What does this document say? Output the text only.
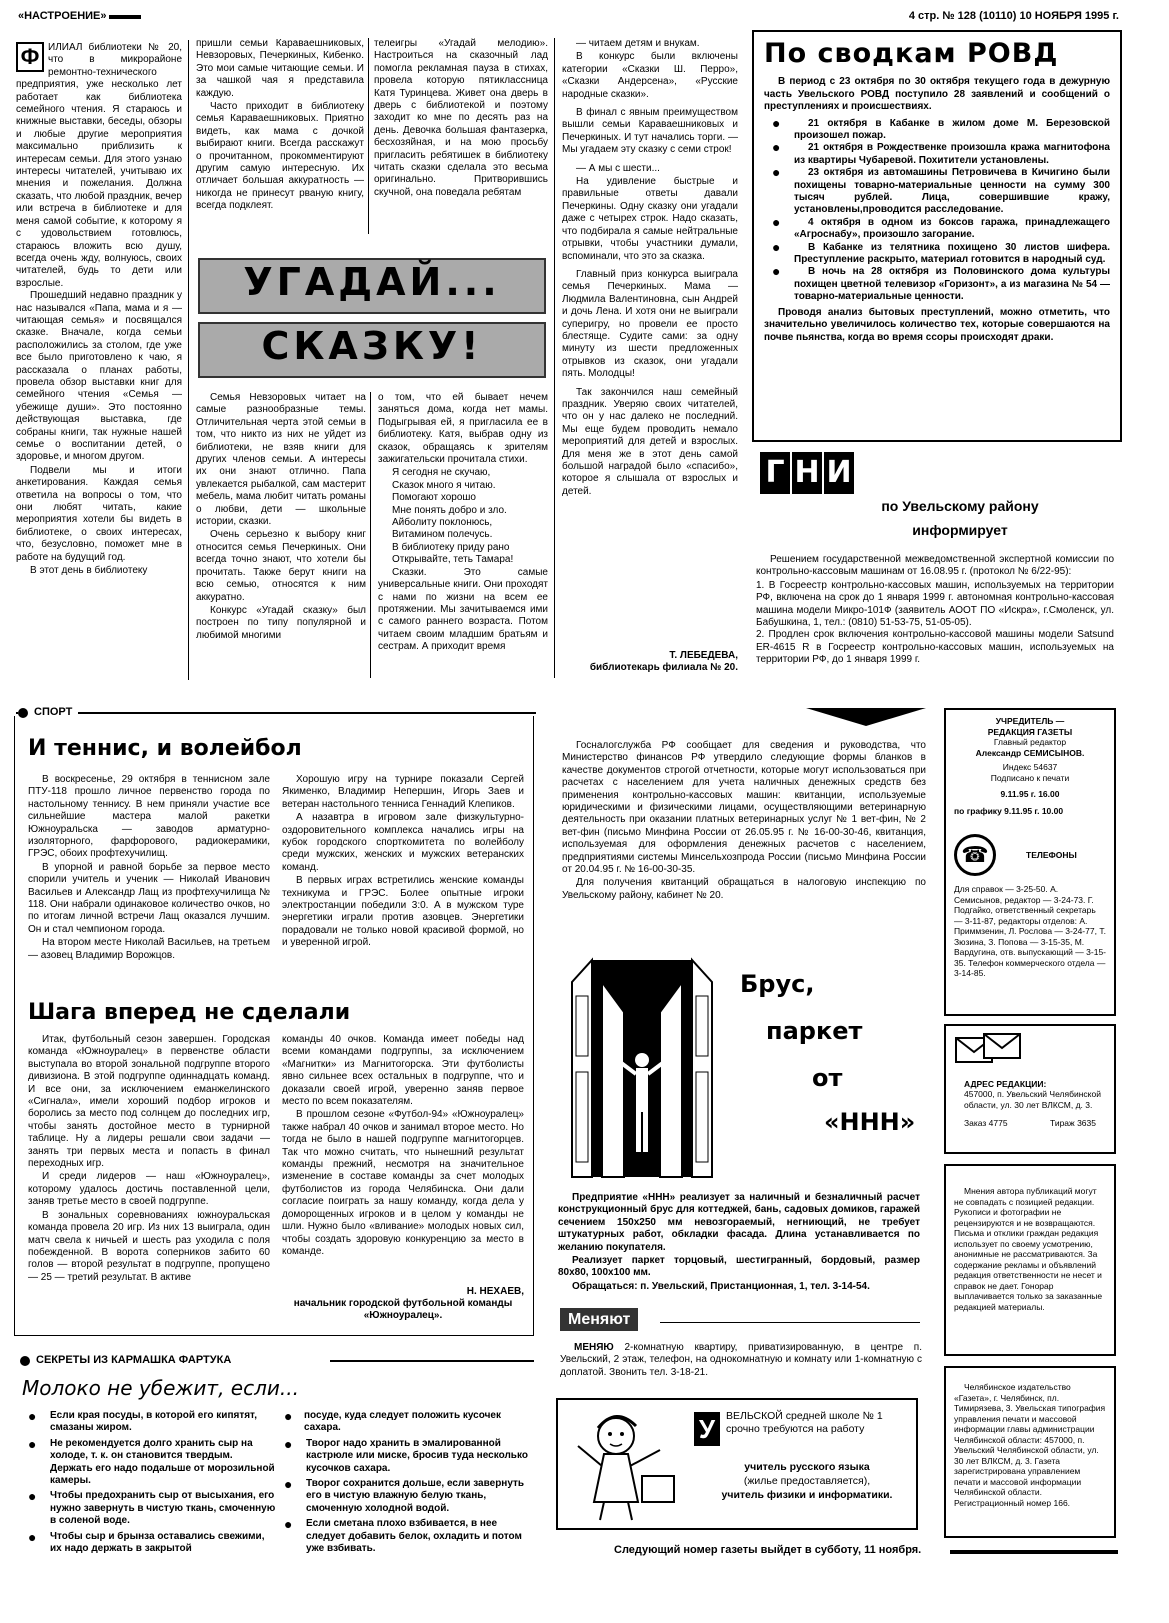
«НАСТРОЕНИЕ»	4 стр. № 128 (10110) 10 НОЯБРЯ 1995 г.
Ф ИЛИАЛ библиотеки № 20, что в микрорайоне ремонтно-технического предприятия, уже несколько лет работает как библиотека семейного чтения. Я стараюсь и книжные выставки, беседы, обзоры и любые другие мероприятия максимально приблизить к интересам семьи. Для этого узнаю интересы читателей, учитываю их мнения и пожелания. Должна сказать, что любой праздник, вечер или встреча в библиотеке и для меня самой событие, к которому я с удовольствием готовлюсь, стараюсь вложить всю душу, всегда очень жду, волнуюсь, своих читателей, будь то дети или взрослые.

Прошедший недавно праздник у нас назывался «Папа, мама и я — читающая семья» и посвящался сказке. Вначале, когда семьи расположились за столом, где уже все было приготовлено к чаю, я рассказала о планах работы, провела обзор выставки книг для семейного чтения «Семья — убежище души». Это постоянно действующая выставка, где собраны книги, так нужные нашей семье о воспитании детей, о здоровье, и многом другом.

Подвели мы и итоги анкетирования. Каждая семья ответила на вопросы о том, что они любят читать, какие мероприятия хотели бы видеть в библиотеке, о своих интересах, что, безусловно, поможет мне в работе на будущий год.

В этот день в библиотеку

пришли семьи Караваешниковых, Невзоровых, Печеркиных, Кибенко. Это мои самые читающие семьи. И за чашкой чая я представила каждую.

Часто приходит в библиотеку семья Караваешниковых. Приятно видеть, как мама с дочкой выбирают книги. Всегда расскажут о прочитанном, прокомментируют другим самую интересную. Их отличает большая аккуратность — никогда не принесут рваную книгу, всегда подклеят.

телеигры «Угадай мелодию». Настроиться на сказочный лад помогла рекламная пауза в стихах, провела которую пятиклассница Катя Туринцева. Живет она дверь в дверь с библиотекой и поэтому заходит ко мне по десять раз на день. Девочка большая фантазерка, бесхозяйная, и на мою просьбу пригласить ребятишек в библиотеку читать сказки сделала это весьма оригинально. Притворившись скучной, она поведала ребятам

УГАДАЙ...
СКАЗКУ!

Семья Невзоровых читает на самые разнообразные темы. Отличительная черта этой семьи в том, что никто из них не уйдет из библиотеки, не взяв книги для других членов семьи. А интересы их они знают отлично. Папа увлекается рыбалкой, сам мастерит мебель, мама любит читать романы о любви, дети — школьные истории, сказки.

Очень серьезно к выбору книг относится семья Печеркиных. Они всегда точно знают, что хотели бы прочитать. Также берут книги на всю семью, относятся к ним аккуратно.

Конкурс «Угадай сказку» был построен по типу популярной и любимой многими

о том, что ей бывает нечем заняться дома, когда нет мамы. Подыгрывая ей, я пригласила ее в библиотеку. Катя, выбрав одну из сказок, обращаясь к зрителям зажигательски прочитала стихи.

Я сегодня не скучаю,
Сказок много я читаю.
Помогают хорошо
Мне понять добро и зло.
Айболиту поклонюсь,
Витамином полечусь.
В библиотеку приду рано
Открывайте, теть Тамара!

Сказки. Это самые универсальные книги. Они проходят с нами по жизни на всем ее протяжении. Мы зачитываемся ими с самого раннего возраста. Потом читаем своим младшим братьям и сестрам. А приходит время

— читаем детям и внукам.

В конкурс были включены категории «Сказки Ш. Перро», «Сказки Андерсена», «Русские народные сказки».

В финал с явным преимуществом вышли семьи Караваешниковых и Печеркиных. И тут начались торги. — Мы угадаем эту сказку с семи строк!

— А мы с шести...

На удивление быстрые и правильные ответы давали Печеркины. Одну сказку они угадали даже с четырех строк. Надо сказать, что подбирала я самые нейтральные отрывки, чтобы участники думали, вспоминали, что это за сказка.

Главный приз конкурса выиграла семья Печеркиных. Мама — Людмила Валентиновна, сын Андрей и дочь Лена. И хотя они не выиграли суперигру, но провели ее просто блестяще. Судите сами: за одну минуту из шести предложенных отрывков из сказок, они угадали пять. Молодцы!

Так закончился наш семейный праздник. Уверяю своих читателей, что он у нас далеко не последний. Мы еще будем проводить немало мероприятий для детей и взрослых. Для меня же в этот день самой большой наградой было «спасибо», которое я слышала от взрослых и детей.

Т. ЛЕБЕДЕВА,
библиотекарь филиала № 20.
По сводкам РОВД
В период с 23 октября по 30 октября текущего года в дежурную часть Увельского РОВД поступило 28 заявлений и сообщений о преступлениях и происшествиях.
● 21 октября в Кабанке в жилом доме М. Березовской произошел пожар.
● 21 октября в Рождественке произошла кража магнитофона из квартиры Чубаревой. Похитители установлены.
● 23 октября из автомашины Петровичева в Кичигино были похищены товарно-материальные ценности на сумму 300 тысяч рублей. Лица, совершившие кражу, установлены,проводится расследование.
● 4 октября в одном из боксов гаража, принадлежащего «Агроснабу», произошло загорание.
● В Кабанке из телятника похищено 30 листов шифера. Преступление раскрыто, материал готовится в народный суд.
● В ночь на 28 октября из Половинского дома культуры похищен цветной телевизор «Горизонт», а из магазина № 54 — товарно-материальные ценности.
Проводя анализ бытовых преступлений, можно отметить, что значительно увеличилось количество тех, которые совершаются на почве пьянства, когда во время ссоры происходят драки.
Г Н И
по Увельскому району
информирует

Решением государственной межведомственной экспертной комиссии по контрольно-кассовым машинам от 16.08.95 г. (протокол № 6/22-95):

1. В Госреестр контрольно-кассовых машин, используемых на территории РФ, включена на срок до 1 января 1999 г. автономная контрольно-кассовая машина модели Микро-101Ф (заявитель АООТ ПО «Искра», г.Смоленск, ул. Бабушкина, 1, тел.: (0810) 51-53-75, 51-05-05).
2. Продлен срок включения контрольно-кассовой машины модели Satsund ER-4615 R в Госреестр контрольно-кассовых машин, используемых на территории РФ, до 1 января 1999 г.
СПОРТ
И теннис, и волейбол

В воскресенье, 29 октября в теннисном зале ПТУ-118 прошло личное первенство города по настольному теннису. В нем приняли участие все сильнейшие мастера малой ракетки Южноуральска — заводов арматурно-изоляторного, фарфорового, радиокерамики, ГРЭС, обоих профтехучилищ.

В упорной и равной борьбе за первое место спорили учитель и ученик — Николай Иванович Васильев и Александр Лащ из профтехучилища № 118. Они набрали одинаковое количество очков, но по итогам личной встречи Лащ оказался лучшим. Он и стал чемпионом города.

На втором месте Николай Васильев, на третьем — азовец Владимир Ворожцов.

Хорошую игру на турнире показали Сергей Якименко, Владимир Непершин, Игорь Заев и ветеран настольного тенниса Геннадий Клепиков.

А назавтра в игровом зале физкультурно-оздоровительного комплекса начались игры на кубок городского спорткомитета по волейболу среди мужских, женских и мужских ветеранских команд.

В первых играх встретились женские команды техникума и ГРЭС. Более опытные игроки электростанции победили 3:0. А в мужском туре энергетики играли против азовцев. Энергетики порадовали не только новой красивой формой, но и уверенной игрой.

Шага вперед не сделали

Итак, футбольный сезон завершен. Городская команда «Южноуралец» в первенстве области выступала во второй зональной подгруппе второго дивизиона. В этой подгруппе одиннадцать команд. И все они, за исключением еманжелинского «Сигнала», имели хороший подбор игроков и боролись за место под солнцем до последних игр, чтобы занять достойное место в турнирной таблице. Ну а лидеры решали свои задачи — занять три первых места и попасть в финал переходных игр.

И среди лидеров — наш «Южноуралец», которому удалось достичь поставленной цели, заняв третье место в своей подгруппе.

В зональных соревнованиях южноуральская команда провела 20 игр. Из них 13 выиграла, один матч свела к ничьей и шесть раз уходила с поля побежденной. В ворота соперников забито 60 голов — второй результат в подгруппе, пропущено — 25 — третий результат. В активе

команды 40 очков. Команда имеет победы над всеми командами подгруппы, за исключением «Магнитки» из Магнитогорска. Эти футболисты явно сильнее всех остальных в подгруппе, что и доказали своей игрой, уверенно заняв первое место по всем показателям.

В прошлом сезоне «Футбол-94» «Южноуралец» также набрал 40 очков и занимал второе место. Но тогда не было в нашей подгруппе магнитогорцев. Так что можно считать, что нынешний результат команды прежний, несмотря на значительное изменение в составе команды за счет молодых футболистов из города Челябинска. Они дали согласие поиграть за нашу команду, когда дела у доморощенных игроков и в целом у команды не шли. Нужно было «вливание» молодых новых сил, чтобы создать здоровую конкуренцию за место в команде.

Н. НЕХАЕВ,
начальник городской футбольной команды «Южноуралец».

Госналогслужба РФ сообщает для сведения и руководства, что Министерство финансов РФ утвердило следующие формы бланков в качестве документов строгой отчетности, которые могут использоваться при расчетах с населением для учета наличных денежных средств без применения контрольно-кассовых машин: квитанции, используемые юридическими и физическими лицами, осуществляющими ветеринарную деятельность при оказании платных ветеринарных услуг № 1 вет-фин, № 2 вет-фин (письмо Минфина России от 26.05.95 г. № 16-00-30-46, квитанция, используемая для оформления денежных расчетов с населением, предприятиями системы Минсельхозпрода России (письмо Минфина России от 20.04.95 г. № 16-00-30-35.

Для получения квитанций обращаться в налоговую инспекцию по Увельскому району, кабинет № 20.

Брус,
паркет
от
«ННН»

Предприятие «ННН» реализует за наличный и безналичный расчет конструкционный брус для коттеджей, бань, садовых домиков, гаражей сечением 150x250 мм невозгораемый, негниющий, не требует штукатурных работ, обкладки фасада. Длина устанавливается по желанию покупателя.

Реализует паркет торцовый, шестигранный, бордовый, размер 80x80, 100x100 мм.

Обращаться: п. Увельский, Пристанционная, 1, тел. 3-14-54.

Меняют
МЕНЯЮ 2-комнатную квартиру, приватизированную, в центре п. Увельский, 2 этаж, телефон, на однокомнатную и комнату или 1-комнатную с доплатой. Звонить тел. 3-18-21.
У	ВЕЛЬСКОЙ средней школе № 1 срочно требуются на работу
учитель русского языка
(жилье предоставляется),
учитель физики и информатики.
СЕКРЕТЫ ИЗ КАРМАШКА ФАРТУКА
Молоко не убежит, если...
● Если края посуды, в которой его кипятят, смазаны жиром.
● Не рекомендуется долго хранить сыр на холоде, т. к. он становится твердым. Держать его надо подальше от морозильной камеры.
● Чтобы предохранить сыр от высыхания, его нужно завернуть в чистую ткань, смоченную в соленой воде.
● Чтобы сыр и брынза оставались свежими, их надо держать в закрытой
● посуде, куда следует положить кусочек сахара.
● Творог надо хранить в эмалированной кастрюле или миске, бросив туда несколько кусочков сахара.
● Творог сохранится дольше, если завернуть его в чистую влажную белую ткань, смоченную холодной водой.
● Если сметана плохо взбивается, в нее следует добавить белок, охладить и потом уже взбивать.
УЧРЕДИТЕЛЬ —
РЕДАКЦИЯ ГАЗЕТЫ
Главный редактор
Александр СЕМИСЫНОВ.
Индекс 54637
Подписано к печати
9.11.95 г. 16.00
по графику 9.11.95 г. 10.00
☎	ТЕЛЕФОНЫ
Для справок — 3-25-50. А. Семисынов, редактор — 3-24-73. Г. Подгайко, ответственный секретарь — 3-11-87, редакторы отделов: А. Приммзенин, Л. Рослова — 3-24-77, Т. Зюзина, З. Попова — 3-15-35, М. Вардугина, отв. выпускающий — 3-15-35. Телефон коммерческого отдела — 3-14-85.
АДРЕС РЕДАКЦИИ:
457000, п. Увельский Челябинской области, ул. 30 лет ВЛКСМ, д. 3.
Заказ 4775	Тираж 3635
Мнения автора публикаций могут не совпадать с позицией редакции. Рукописи и фотографии не рецензируются и не возвращаются. Письма и отклики граждан редакция использует по своему усмотрению, анонимные не рассматриваются. За содержание рекламы и объявлений редакция ответственности не несет и справок не дает. Гонорар выплачивается только за заказанные редакцией материалы.
Челябинское издательство «Газета», г. Челябинск, пл. Тимирязева, 3. Увельская типография управления печати и массовой информации главы администрации Челябинской области: 457000, п. Увельский Челябинской области, ул. 30 лет ВЛКСМ, д. 3. Газета зарегистрирована управлением печати и массовой информации Челябинской области. Регистрационный номер 166.
Следующий номер газеты выйдет в субботу, 11 ноября.
